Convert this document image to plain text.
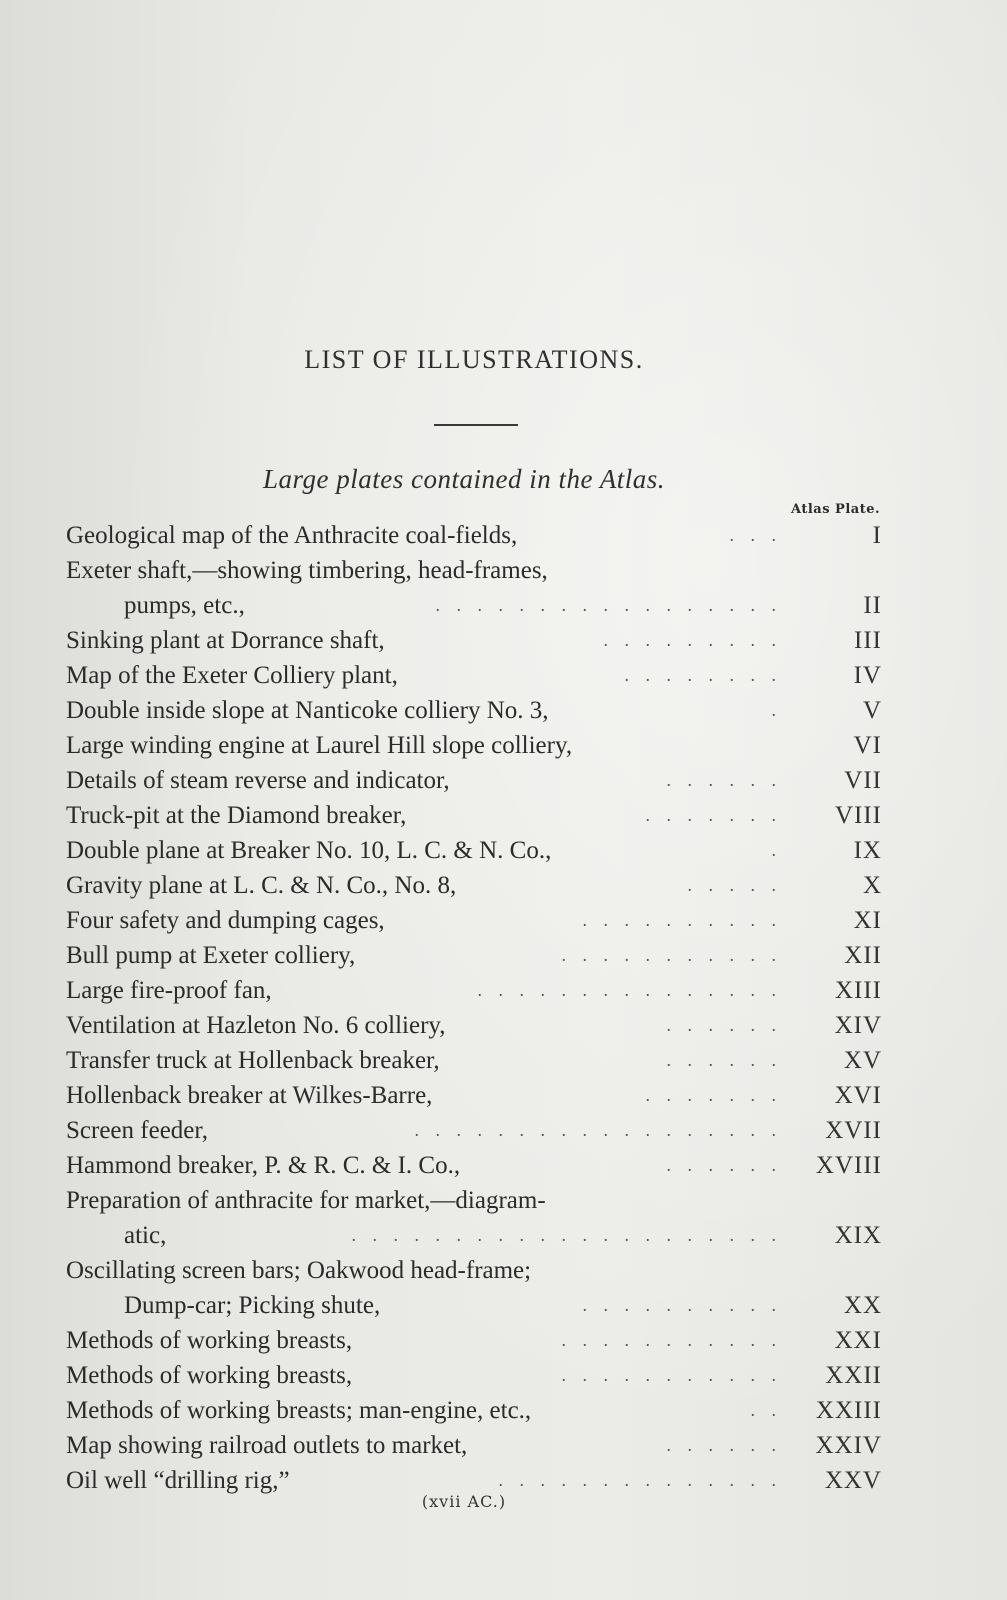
LIST OF ILLUSTRATIONS.
Large plates contained in the Atlas.
Atlas Plate.
Geological map of the Anthracite coal-fields,	. . .	I
Exeter shaft,—showing timbering, head-frames,
pumps, etc.,	. . . . . . . . . . . . . . . . .	II
Sinking plant at Dorrance shaft,	. . . . . . . . .	III
Map of the Exeter Colliery plant,	. . . . . . . .	IV
Double inside slope at Nanticoke colliery No. 3,	.	V
Large winding engine at Laurel Hill slope colliery,	VI
Details of steam reverse and indicator,	. . . . . .	VII
Truck-pit at the Diamond breaker,	. . . . . . .	VIII
Double plane at Breaker No. 10, L. C. & N. Co.,	.	IX
Gravity plane at L. C. & N. Co., No. 8,	. . . . .	X
Four safety and dumping cages,	. . . . . . . . . .	XI
Bull pump at Exeter colliery,	. . . . . . . . . . .	XII
Large fire-proof fan,	. . . . . . . . . . . . . . .	XIII
Ventilation at Hazleton No. 6 colliery,	. . . . . .	XIV
Transfer truck at Hollenback breaker,	. . . . . .	XV
Hollenback breaker at Wilkes-Barre,	. . . . . . .	XVI
Screen feeder,	. . . . . . . . . . . . . . . . . .	XVII
Hammond breaker, P. & R. C. & I. Co.,	. . . . . .	XVIII
Preparation of anthracite for market,—diagram-
atic,	. . . . . . . . . . . . . . . . . . . . .	XIX
Oscillating screen bars; Oakwood head-frame;
Dump-car; Picking shute,	. . . . . . . . . .	XX
Methods of working breasts,	. . . . . . . . . . .	XXI
Methods of working breasts,	. . . . . . . . . . .	XXII
Methods of working breasts; man-engine, etc.,	. .	XXIII
Map showing railroad outlets to market,	. . . . . .	XXIV
Oil well “drilling rig,”	. . . . . . . . . . . . . .	XXV
(xvii AC.)
